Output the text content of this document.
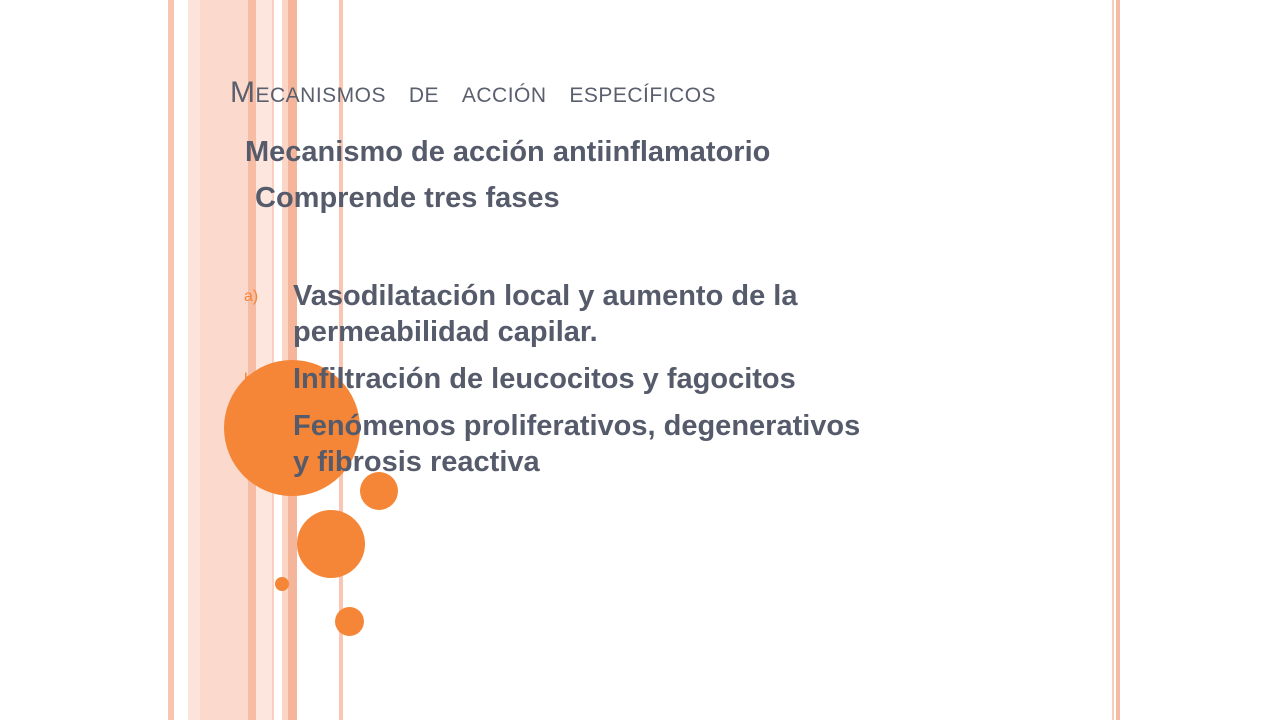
Mecanismos de acción específicos

Mecanismo de acción antiinflamatorio

Comprende tres fases

a) Vasodilatación local y aumento de la permeabilidad capilar.
b) Infiltración de leucocitos y fagocitos
c) Fenómenos proliferativos, degenerativos y fibrosis reactiva
